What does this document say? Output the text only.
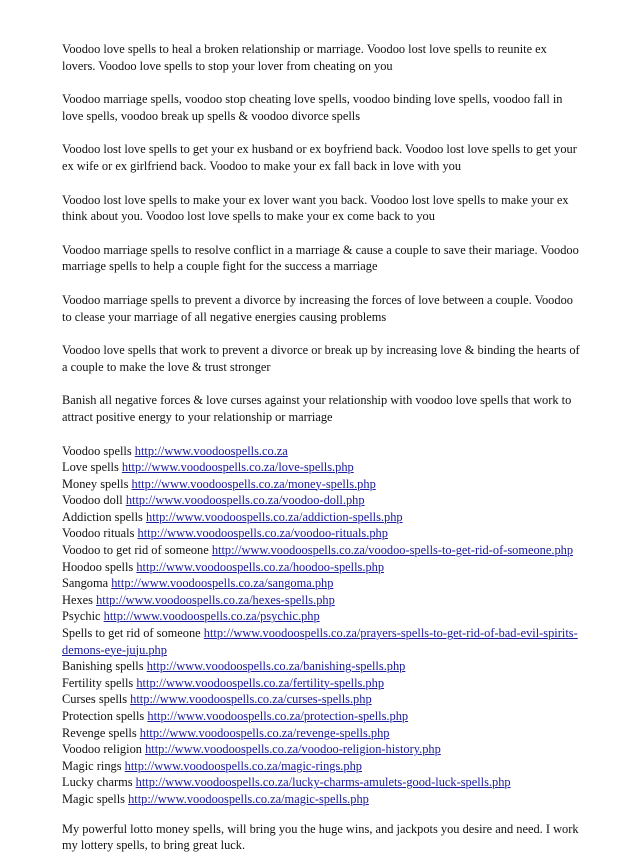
Voodoo love spells to heal a broken relationship or marriage. Voodoo lost love spells to reunite ex lovers. Voodoo love spells to stop your lover from cheating on you

Voodoo marriage spells, voodoo stop cheating love spells, voodoo binding love spells, voodoo fall in love spells, voodoo break up spells & voodoo divorce spells

Voodoo lost love spells to get your ex husband or ex boyfriend back. Voodoo lost love spells to get your ex wife or ex girlfriend back. Voodoo to make your ex fall back in love with you

Voodoo lost love spells to make your ex lover want you back. Voodoo lost love spells to make your ex think about you. Voodoo lost love spells to make your ex come back to you

Voodoo marriage spells to resolve conflict in a marriage & cause a couple to save their mariage. Voodoo marriage spells to help a couple fight for the success a marriage

Voodoo marriage spells to prevent a divorce by increasing the forces of love between a couple. Voodoo to clease your marriage of all negative energies causing problems

Voodoo love spells that work to prevent a divorce or break up by increasing love & binding the hearts of a couple to make the love & trust stronger

Banish all negative forces & love curses against your relationship with voodoo love spells that work to attract positive energy to your relationship or marriage

Voodoo spells http://www.voodoospells.co.za
Love spells http://www.voodoospells.co.za/love-spells.php
Money spells http://www.voodoospells.co.za/money-spells.php
Voodoo doll http://www.voodoospells.co.za/voodoo-doll.php
Addiction spells http://www.voodoospells.co.za/addiction-spells.php
Voodoo rituals http://www.voodoospells.co.za/voodoo-rituals.php
Voodoo to get rid of someone http://www.voodoospells.co.za/voodoo-spells-to-get-rid-of-someone.php
Hoodoo spells http://www.voodoospells.co.za/hoodoo-spells.php
Sangoma http://www.voodoospells.co.za/sangoma.php
Hexes http://www.voodoospells.co.za/hexes-spells.php
Psychic http://www.voodoospells.co.za/psychic.php
Spells to get rid of someone http://www.voodoospells.co.za/prayers-spells-to-get-rid-of-bad-evil-spirits-demons-eye-juju.php
Banishing spells http://www.voodoospells.co.za/banishing-spells.php
Fertility spells http://www.voodoospells.co.za/fertility-spells.php
Curses spells http://www.voodoospells.co.za/curses-spells.php
Protection spells http://www.voodoospells.co.za/protection-spells.php
Revenge spells http://www.voodoospells.co.za/revenge-spells.php
Voodoo religion http://www.voodoospells.co.za/voodoo-religion-history.php
Magic rings http://www.voodoospells.co.za/magic-rings.php
Lucky charms http://www.voodoospells.co.za/lucky-charms-amulets-good-luck-spells.php
Magic spells http://www.voodoospells.co.za/magic-spells.php

My powerful lotto money spells, will bring you the huge wins, and jackpots you desire and need. I work my lottery spells, to bring great luck.
